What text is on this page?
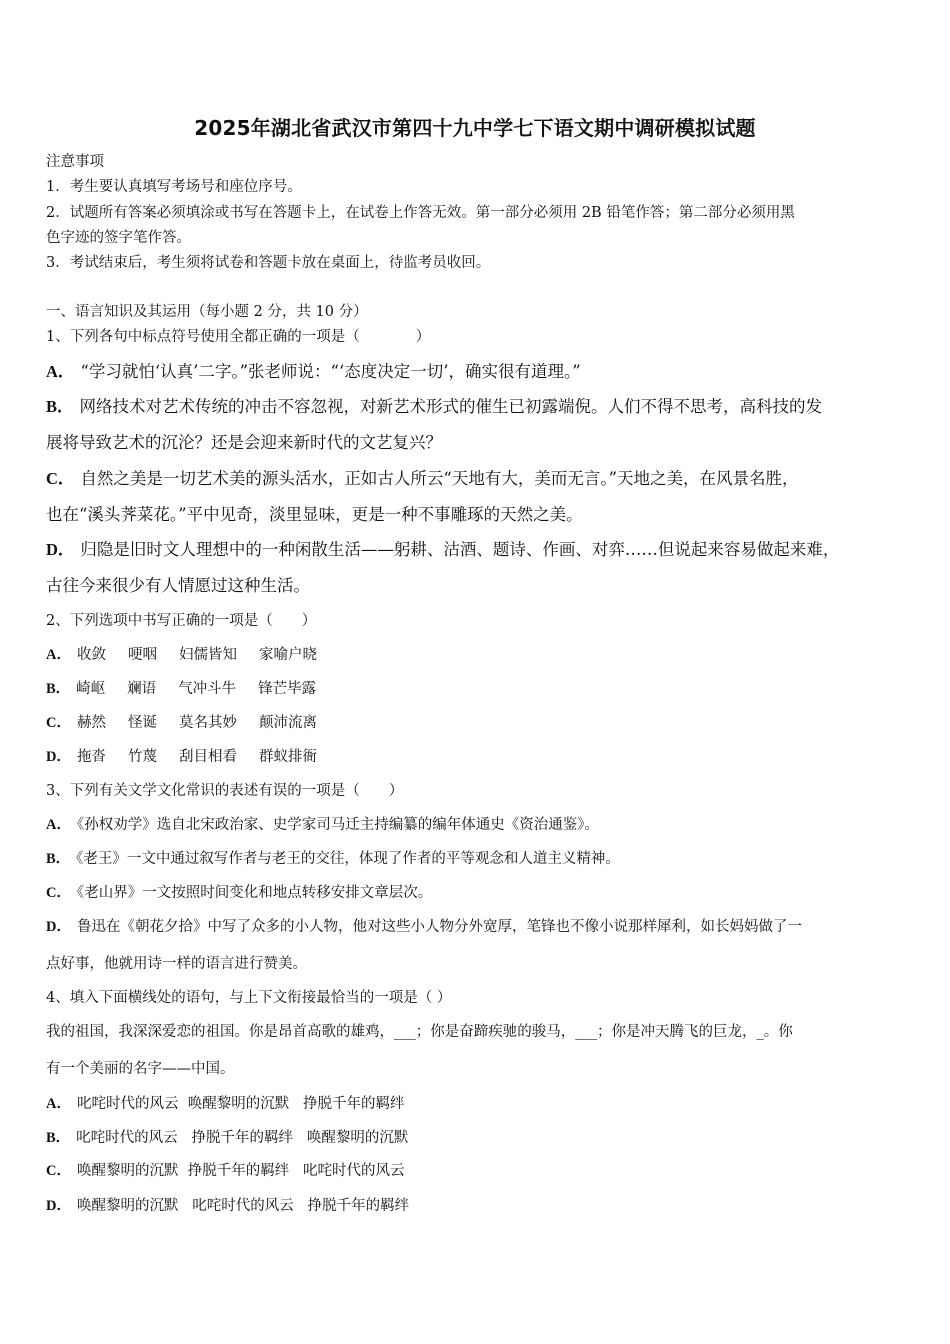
2025年湖北省武汉市第四十九中学七下语文期中调研模拟试题
注意事项
1．考生要认真填写考场号和座位序号。
2．试题所有答案必须填涂或书写在答题卡上，在试卷上作答无效。第一部分必须用 2B 铅笔作答；第二部分必须用黑
色字迹的签字笔作答。
3．考试结束后，考生须将试卷和答题卡放在桌面上，待监考员收回。
一、语言知识及其运用（每小题 2 分，共 10 分）
1、下列各句中标点符号使用全都正确的一项是（	）
A． “学习就怕‘认真’二字。”张老师说：“‘态度决定一切’，确实很有道理。”
B． 网络技术对艺术传统的冲击不容忽视，对新艺术形式的催生已初露端倪。人们不得不思考，高科技的发
展将导致艺术的沉沦？还是会迎来新时代的文艺复兴？
C． 自然之美是一切艺术美的源头活水，正如古人所云“天地有大，美而无言。”天地之美，在风景名胜，
也在“溪头荠菜花。”平中见奇，淡里显味，更是一种不事雕琢的天然之美。
D． 归隐是旧时文人理想中的一种闲散生活——躬耕、沽酒、题诗、作画、对弈……但说起来容易做起来难，
古往今来很少有人情愿过这种生活。
2、下列选项中书写正确的一项是（　　）
A． 收敛 哽咽 妇儒皆知 家喻户晓
B． 崎岖 斓语 气冲斗牛 锋芒毕露
C． 赫然 怪诞 莫名其妙 颠沛流离
D． 拖沓 竹蔑 刮目相看 群蚁排衙
3、下列有关文学文化常识的表述有误的一项是（　　）
A． 《孙权劝学》选自北宋政治家、史学家司马迁主持编纂的编年体通史《资治通鉴》。
B． 《老王》一文中通过叙写作者与老王的交往，体现了作者的平等观念和人道主义精神。
C． 《老山界》一文按照时间变化和地点转移安排文章层次。
D． 鲁迅在《朝花夕拾》中写了众多的小人物，他对这些小人物分外宽厚，笔锋也不像小说那样犀利，如长妈妈做了一
点好事，他就用诗一样的语言进行赞美。
4、填入下面横线处的语句，与上下文衔接最恰当的一项是（ ）
我的祖国，我深深爱恋的祖国。你是昂首高歌的雄鸡，___；你是奋蹄疾驰的骏马，___；你是冲天腾飞的巨龙，_。你
有一个美丽的名字——中国。
A． 叱咤时代的风云  唤醒黎明的沉默   挣脱千年的羁绊
B． 叱咤时代的风云   挣脱千年的羁绊   唤醒黎明的沉默
C． 唤醒黎明的沉默  挣脱千年的羁绊   叱咤时代的风云
D． 唤醒黎明的沉默   叱咤时代的风云   挣脱千年的羁绊
